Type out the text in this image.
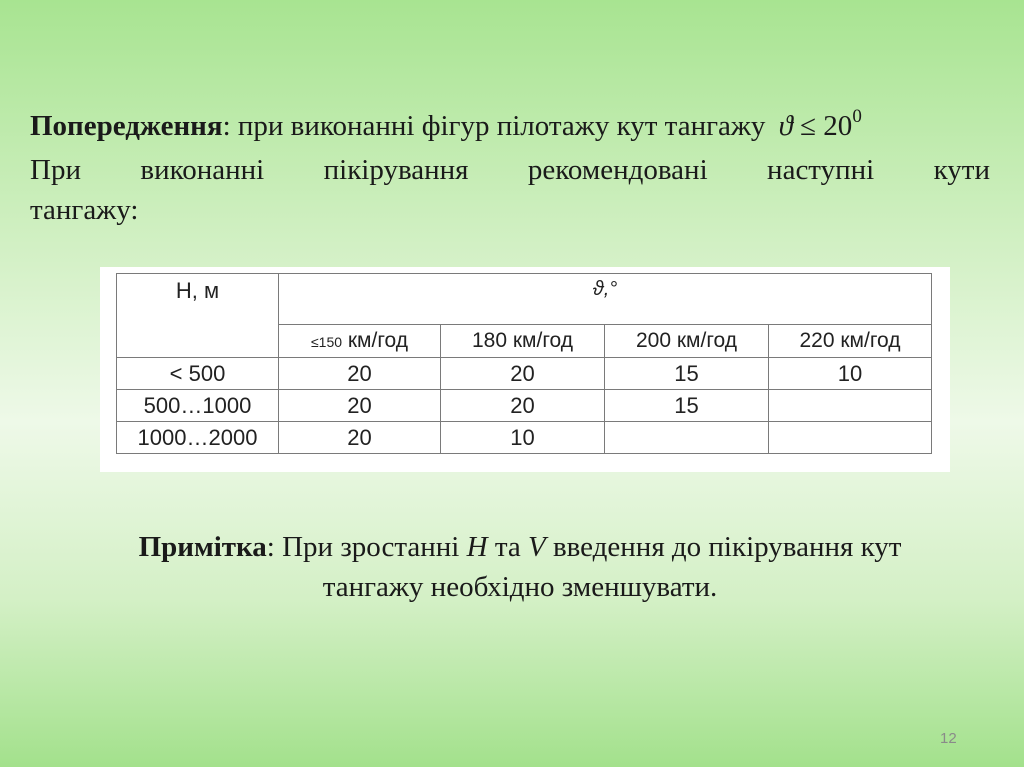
Попередження: при виконанні фігур пілотажу кут тангажу $ϑ \le 20^0$
При виконанні пікірування рекомендовані наступні кути
тангажу:
H, м	ϑ,°			
	≤150 км/год	180 км/год	200 км/год	220 км/год
< 500	20	20	15	10
500…1000	20	20	15	
1000…2000	20	10		
Примітка: При зростанні H та V введення до пікірування кут
тангажу необхідно зменшувати.
12
